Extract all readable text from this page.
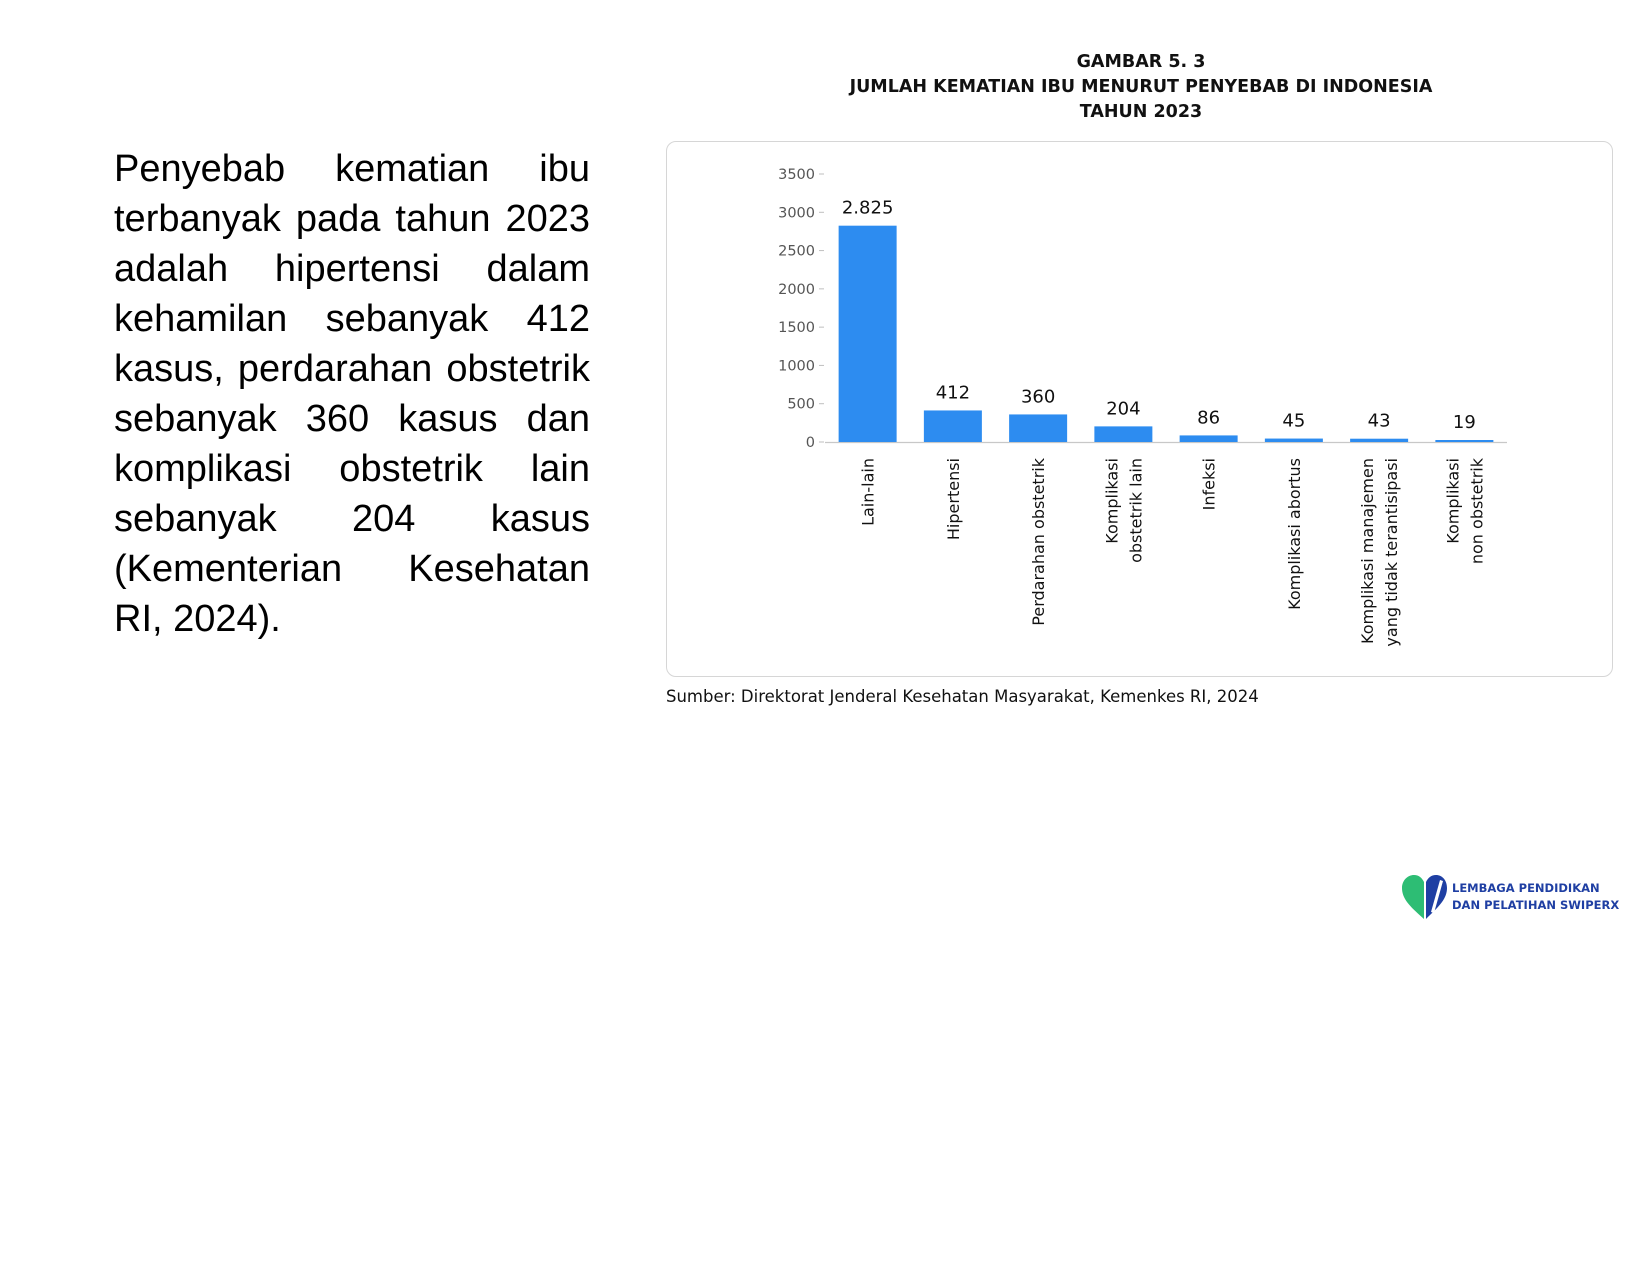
Penyebab kematian ibu terbanyak pada tahun 2023 adalah hipertensi dalam kehamilan sebanyak 412 kasus, perdarahan obstetrik sebanyak 360 kasus dan komplikasi obstetrik lain sebanyak 204 kasus (Kementerian Kesehatan RI, 2024).

GAMBAR 5. 3
JUMLAH KEMATIAN IBU MENURUT PENYEBAB DI INDONESIA
TAHUN 2023
0
500
1000
1500
2000
2500
3000
3500
2.825
Lain-lain
412
Hipertensi
360
Perdarahan obstetrik
204
Komplikasi obstetrik lain
86
Infeksi
45
Komplikasi abortus
43
Komplikasi manajemen yang tidak terantisipasi
19
Komplikasi non obstetrik
Sumber: Direktorat Jenderal Kesehatan Masyarakat, Kemenkes RI, 2024
LEMBAGA PENDIDIKAN
DAN PELATIHAN SWIPERX
